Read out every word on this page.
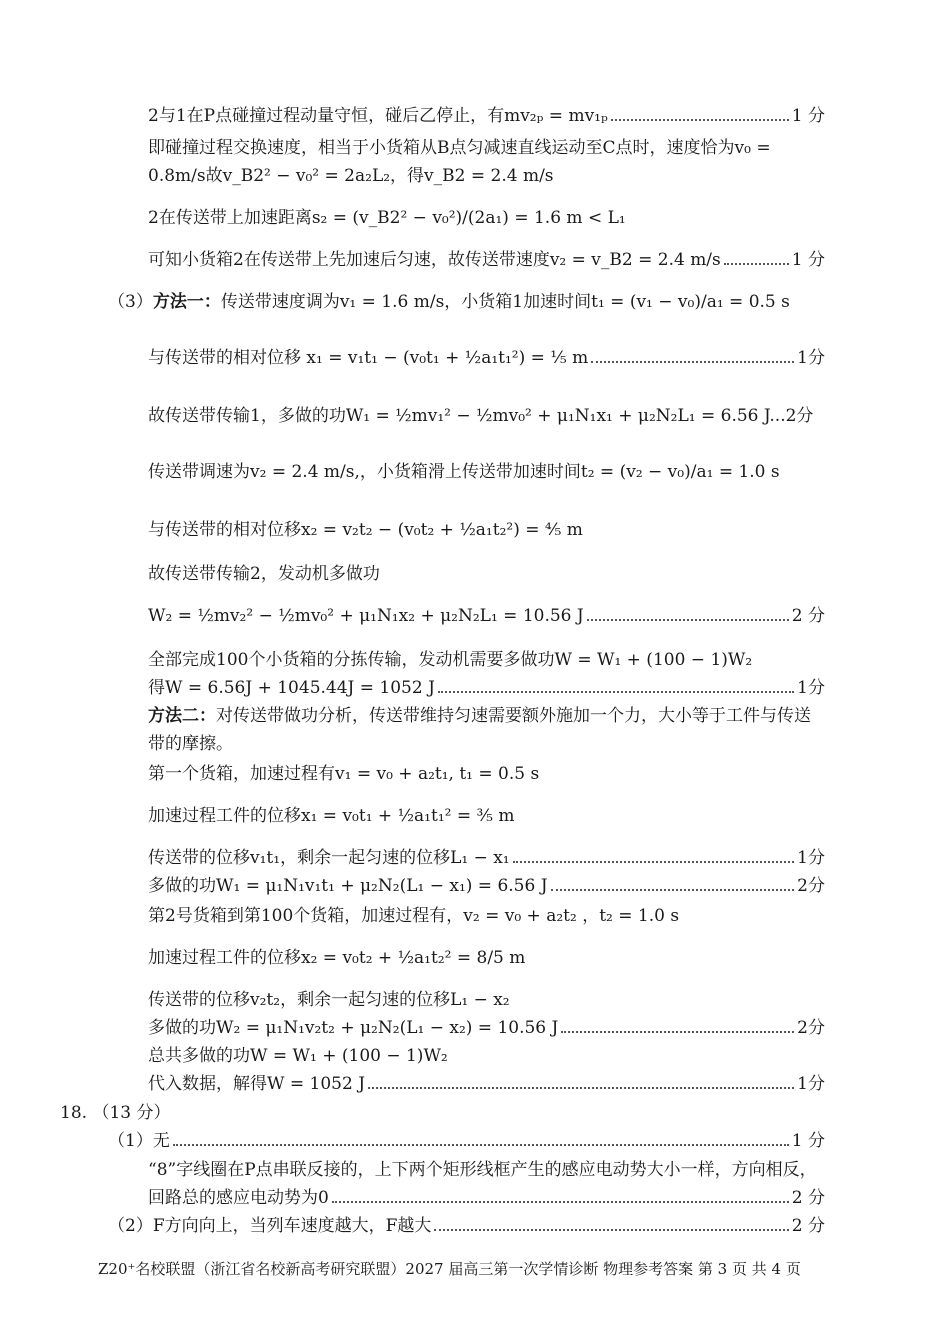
2与1在P点碰撞过程动量守恒，碰后乙停止，有mv₂ₚ = mv₁ₚ	1 分
即碰撞过程交换速度，相当于小货箱从B点匀减速直线运动至C点时，速度恰为v₀ =
0.8m/s故v_B2² − v₀² = 2a₂L₂，得v_B2 = 2.4 m/s
2在传送带上加速距离s₂ = (v_B2² − v₀²)/(2a₁) = 1.6 m < L₁
可知小货箱2在传送带上先加速后匀速，故传送带速度v₂ = v_B2 = 2.4 m/s	1 分
（3）方法一：传送带速度调为v₁ = 1.6 m/s，小货箱1加速时间t₁ = (v₁ − v₀)/a₁ = 0.5 s
与传送带的相对位移 x₁ = v₁t₁ − (v₀t₁ + ½a₁t₁²) = ⅕ m	1分
故传送带传输1，多做的功W₁ = ½mv₁² − ½mv₀² + μ₁N₁x₁ + μ₂N₂L₁ = 6.56 J...2分
传送带调速为v₂ = 2.4 m/s,，小货箱滑上传送带加速时间t₂ = (v₂ − v₀)/a₁ = 1.0 s
与传送带的相对位移x₂ = v₂t₂ − (v₀t₂ + ½a₁t₂²) = ⅘ m
故传送带传输2，发动机多做功
W₂ = ½mv₂² − ½mv₀² + μ₁N₁x₂ + μ₂N₂L₁ = 10.56 J	2 分
全部完成100个小货箱的分拣传输，发动机需要多做功W = W₁ + (100 − 1)W₂
得W = 6.56J + 1045.44J = 1052 J	1分
方法二：对传送带做功分析，传送带维持匀速需要额外施加一个力，大小等于工件与传送
带的摩擦。
第一个货箱，加速过程有v₁ = v₀ + a₂t₁, t₁ = 0.5 s
加速过程工件的位移x₁ = v₀t₁ + ½a₁t₁² = ⅗ m
传送带的位移v₁t₁，剩余一起匀速的位移L₁ − x₁	1分
多做的功W₁ = μ₁N₁v₁t₁ + μ₂N₂(L₁ − x₁) = 6.56 J	2分
第2号货箱到第100个货箱，加速过程有，v₂ = v₀ + a₂t₂ ，t₂ = 1.0 s
加速过程工件的位移x₂ = v₀t₂ + ½a₁t₂² = 8/5 m
传送带的位移v₂t₂，剩余一起匀速的位移L₁ − x₂
多做的功W₂ = μ₁N₁v₂t₂ + μ₂N₂(L₁ − x₂) = 10.56 J	2分
总共多做的功W = W₁ + (100 − 1)W₂
代入数据，解得W = 1052 J	1分
18. （13 分）
（1）无	1 分
“8”字线圈在P点串联反接的，上下两个矩形线框产生的感应电动势大小一样，方向相反，
回路总的感应电动势为0	2 分
（2）F方向向上，当列车速度越大，F越大	2 分
Z20⁺名校联盟（浙江省名校新高考研究联盟）2027 届高三第一次学情诊断 物理参考答案 第 3 页 共 4 页
